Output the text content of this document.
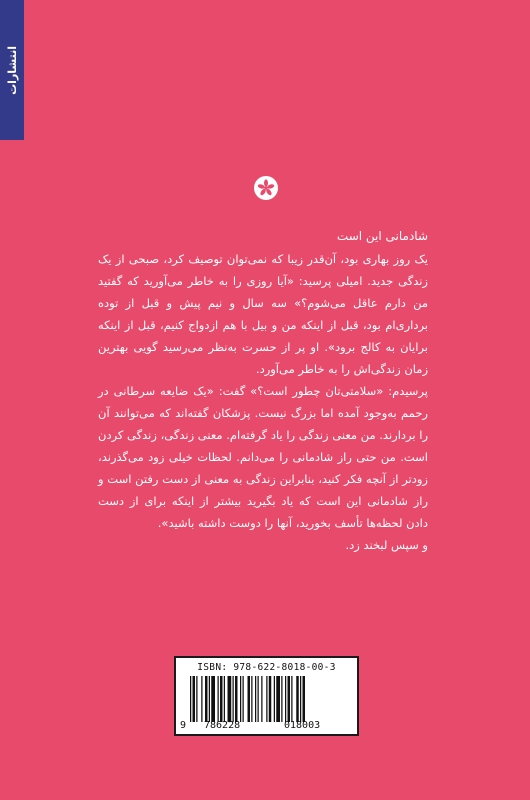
انتشارات

شادمانی این است

یک روز بهاری بود، آن‌قدر زیبا که نمی‌توان توصیف کرد، صبحی از یک زندگی جدید. امیلی پرسید: «آیا روزی را به خاطر می‌آورید که گفتید من دارم عاقل می‌شوم؟» سه سال و نیم پیش و قبل از توده برداری‌ام بود، قبل از اینکه من و بیل با هم ازدواج کنیم، قبل از اینکه برایان به کالج برود». او پر از حسرت به‌نظر می‌رسید گویی بهترین زمان زندگی‌اش را به خاطر می‌آورد.

پرسیدم: «سلامتی‌تان چطور است؟» گفت: «یک ضایعه سرطانی در رحمم به‌وجود آمده اما بزرگ نیست. پزشکان گفته‌اند که می‌توانند آن را بردارند. من معنی زندگی را یاد گرفته‌ام. معنی زندگی، زندگی کردن است. من حتی راز شادمانی را می‌دانم. لحظات خیلی زود می‌گذرند، زودتر از آنچه فکر کنید، بنابراین زندگی به معنی از دست رفتن است و راز شادمانی این است که یاد بگیرید بیشتر از اینکه برای از دست دادن لحظه‌ها تأسف بخورید، آنها را دوست داشته باشید».

و سپس لبخند زد.

ISBN: 978-622-8018-00-3
9 786228	018003
